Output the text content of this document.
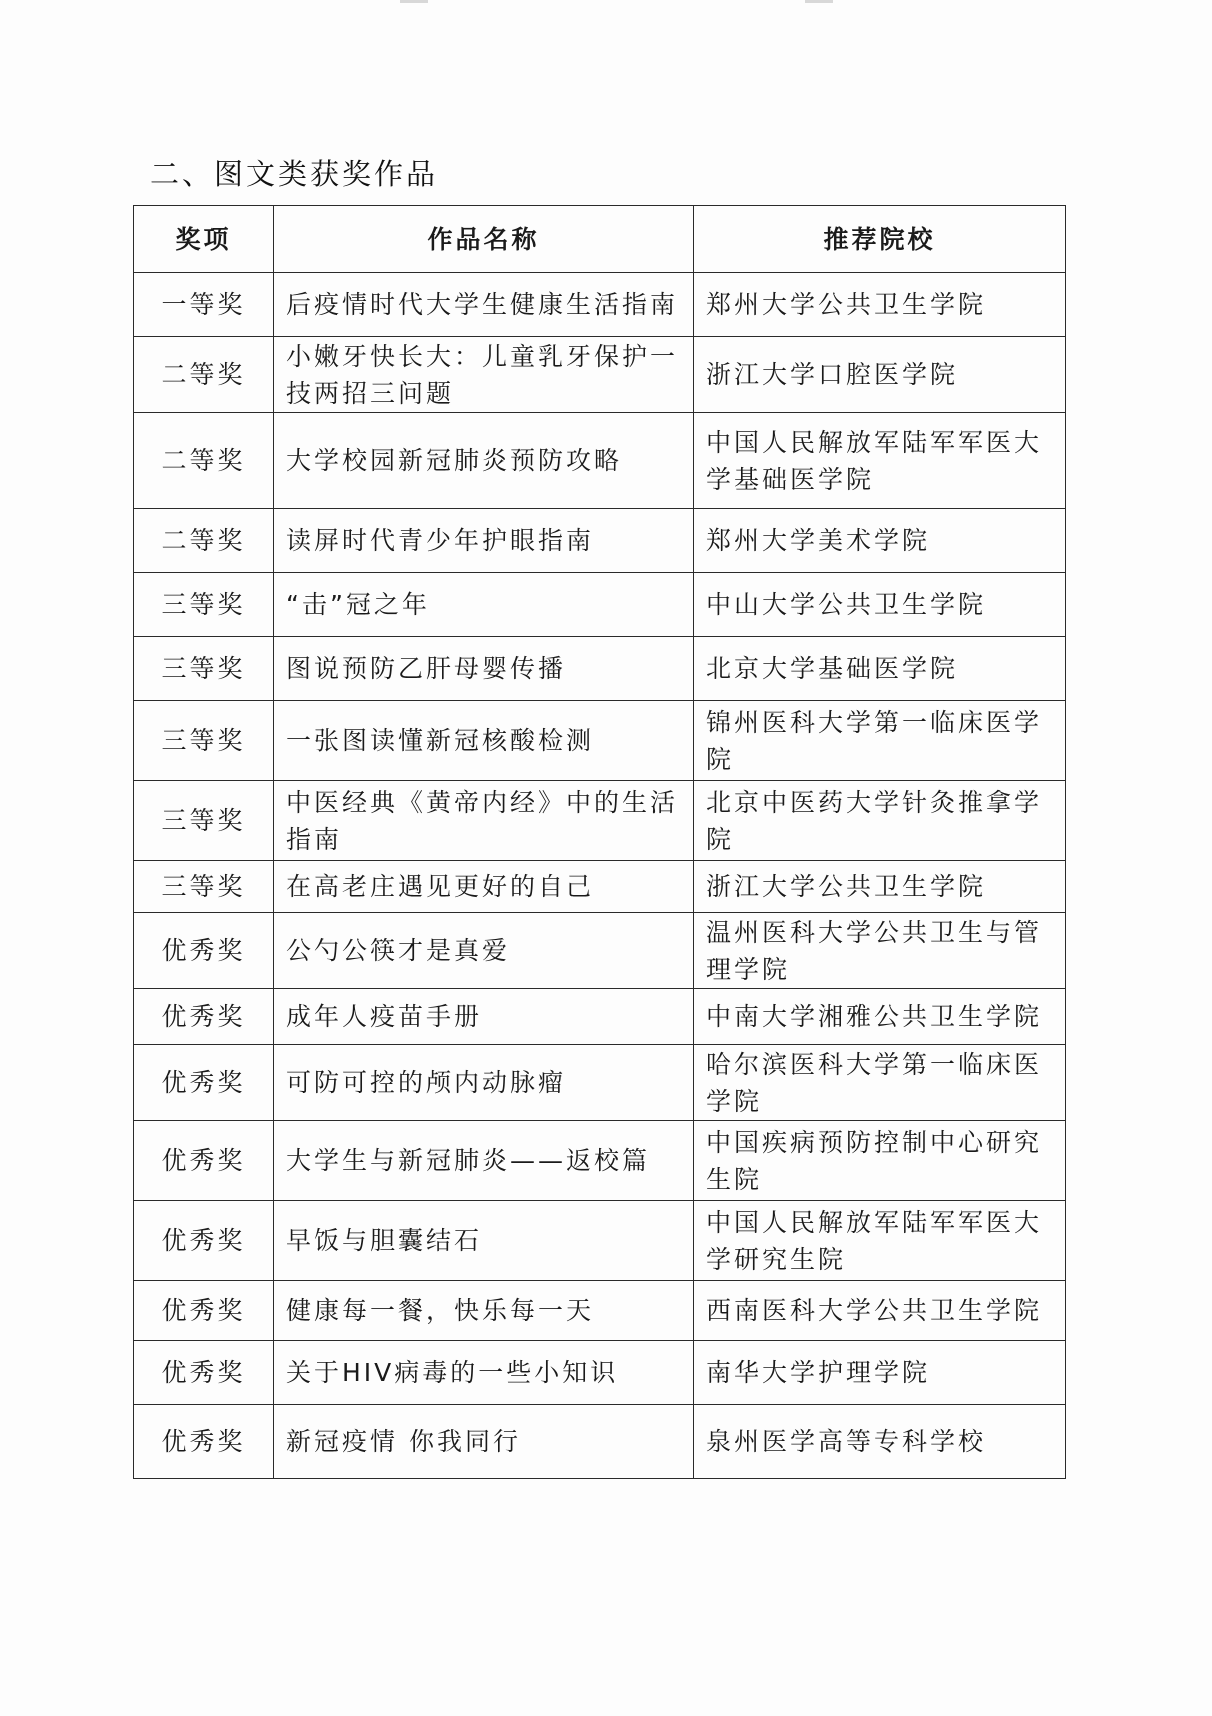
二、图文类获奖作品
奖项	作品名称	推荐院校
一等奖	后疫情时代大学生健康生活指南	郑州大学公共卫生学院
二等奖	小嫩牙快长大：儿童乳牙保护一技两招三问题	浙江大学口腔医学院
二等奖	大学校园新冠肺炎预防攻略	中国人民解放军陆军军医大学基础医学院
二等奖	读屏时代青少年护眼指南	郑州大学美术学院
三等奖	“击”冠之年	中山大学公共卫生学院
三等奖	图说预防乙肝母婴传播	北京大学基础医学院
三等奖	一张图读懂新冠核酸检测	锦州医科大学第一临床医学院
三等奖	中医经典《黄帝内经》中的生活指南	北京中医药大学针灸推拿学院
三等奖	在高老庄遇见更好的自己	浙江大学公共卫生学院
优秀奖	公勺公筷才是真爱	温州医科大学公共卫生与管理学院
优秀奖	成年人疫苗手册	中南大学湘雅公共卫生学院
优秀奖	可防可控的颅内动脉瘤	哈尔滨医科大学第一临床医学院
优秀奖	大学生与新冠肺炎——返校篇	中国疾病预防控制中心研究生院
优秀奖	早饭与胆囊结石	中国人民解放军陆军军医大学研究生院
优秀奖	健康每一餐，快乐每一天	西南医科大学公共卫生学院
优秀奖	关于HIV病毒的一些小知识	南华大学护理学院
优秀奖	新冠疫情 你我同行	泉州医学高等专科学校
